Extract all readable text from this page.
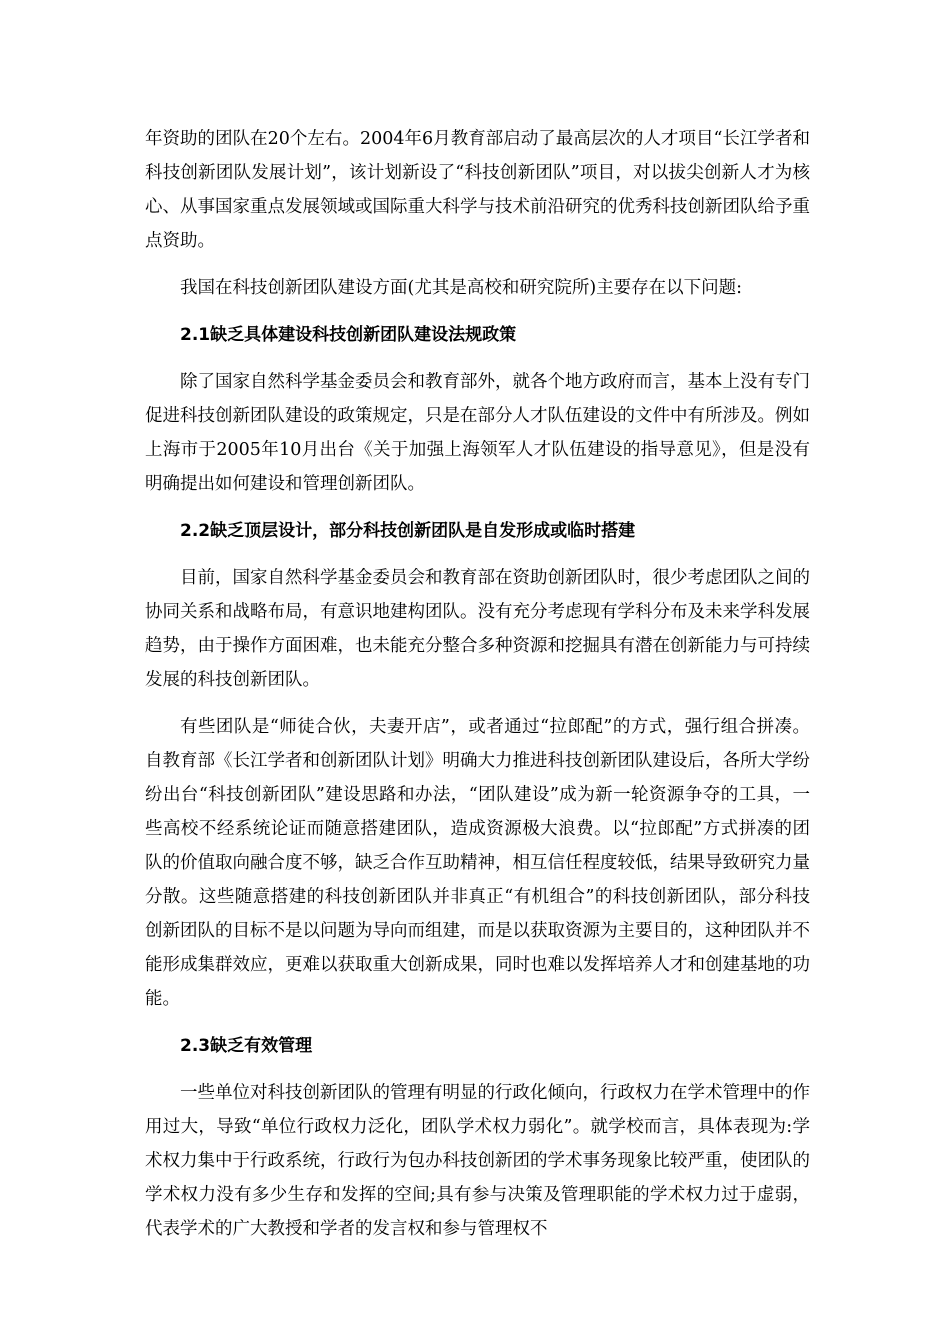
年资助的团队在20个左右。2004年6月教育部启动了最高层次的人才项目“长江学者和科技创新团队发展计划”，该计划新设了“科技创新团队”项目，对以拔尖创新人才为核心、从事国家重点发展领域或国际重大科学与技术前沿研究的优秀科技创新团队给予重点资助。

我国在科技创新团队建设方面(尤其是高校和研究院所)主要存在以下问题:

2.1缺乏具体建设科技创新团队建设法规政策

除了国家自然科学基金委员会和教育部外，就各个地方政府而言，基本上没有专门促进科技创新团队建设的政策规定，只是在部分人才队伍建设的文件中有所涉及。例如上海市于2005年10月出台《关于加强上海领军人才队伍建设的指导意见》，但是没有明确提出如何建设和管理创新团队。

2.2缺乏顶层设计，部分科技创新团队是自发形成或临时搭建

目前，国家自然科学基金委员会和教育部在资助创新团队时，很少考虑团队之间的协同关系和战略布局，有意识地建构团队。没有充分考虑现有学科分布及未来学科发展趋势，由于操作方面困难，也未能充分整合多种资源和挖掘具有潜在创新能力与可持续发展的科技创新团队。

有些团队是“师徒合伙，夫妻开店”，或者通过“拉郎配”的方式，强行组合拼凑。自教育部《长江学者和创新团队计划》明确大力推进科技创新团队建设后，各所大学纷纷出台“科技创新团队”建设思路和办法，“团队建设”成为新一轮资源争夺的工具，一些高校不经系统论证而随意搭建团队，造成资源极大浪费。以“拉郎配”方式拼凑的团队的价值取向融合度不够，缺乏合作互助精神，相互信任程度较低，结果导致研究力量分散。这些随意搭建的科技创新团队并非真正“有机组合”的科技创新团队，部分科技创新团队的目标不是以问题为导向而组建，而是以获取资源为主要目的，这种团队并不能形成集群效应，更难以获取重大创新成果，同时也难以发挥培养人才和创建基地的功能。

2.3缺乏有效管理

一些单位对科技创新团队的管理有明显的行政化倾向，行政权力在学术管理中的作用过大，导致“单位行政权力泛化，团队学术权力弱化”。就学校而言，具体表现为:学术权力集中于行政系统，行政行为包办科技创新团的学术事务现象比较严重，使团队的学术权力没有多少生存和发挥的空间;具有参与决策及管理职能的学术权力过于虚弱，代表学术的广大教授和学者的发言权和参与管理权不
